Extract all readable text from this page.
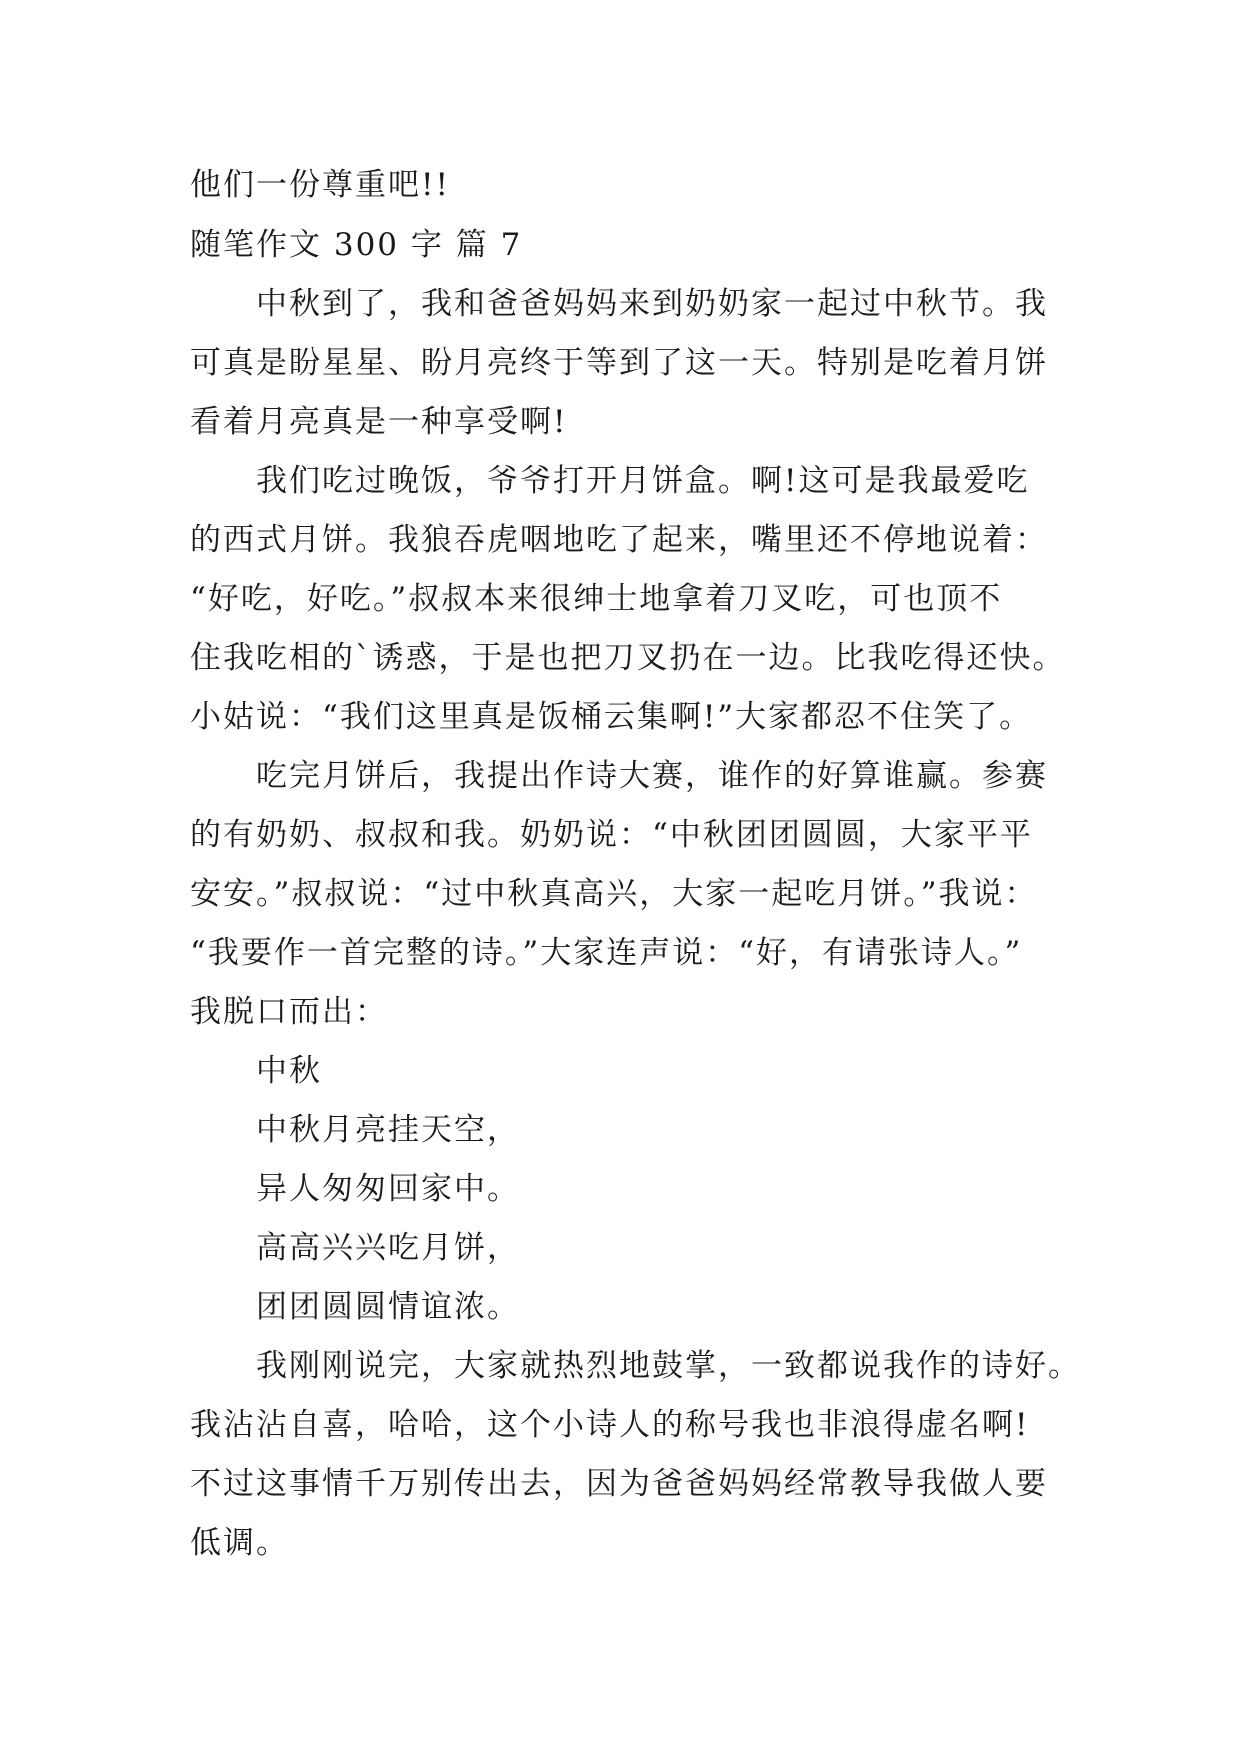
他们一份尊重吧!!
随笔作文 300 字 篇 7
中秋到了，我和爸爸妈妈来到奶奶家一起过中秋节。我
可真是盼星星、盼月亮终于等到了这一天。特别是吃着月饼
看着月亮真是一种享受啊!
我们吃过晚饭，爷爷打开月饼盒。啊!这可是我最爱吃
的西式月饼。我狼吞虎咽地吃了起来，嘴里还不停地说着：
“好吃，好吃。”叔叔本来很绅士地拿着刀叉吃，可也顶不
住我吃相的`诱惑，于是也把刀叉扔在一边。比我吃得还快。
小姑说：“我们这里真是饭桶云集啊!”大家都忍不住笑了。
吃完月饼后，我提出作诗大赛，谁作的好算谁赢。参赛
的有奶奶、叔叔和我。奶奶说：“中秋团团圆圆，大家平平
安安。”叔叔说：“过中秋真高兴，大家一起吃月饼。”我说：
“我要作一首完整的诗。”大家连声说：“好，有请张诗人。”
我脱口而出：
中秋
中秋月亮挂天空，
异人匆匆回家中。
高高兴兴吃月饼，
团团圆圆情谊浓。
我刚刚说完，大家就热烈地鼓掌，一致都说我作的诗好。
我沾沾自喜，哈哈，这个小诗人的称号我也非浪得虚名啊!
不过这事情千万别传出去，因为爸爸妈妈经常教导我做人要
低调。
